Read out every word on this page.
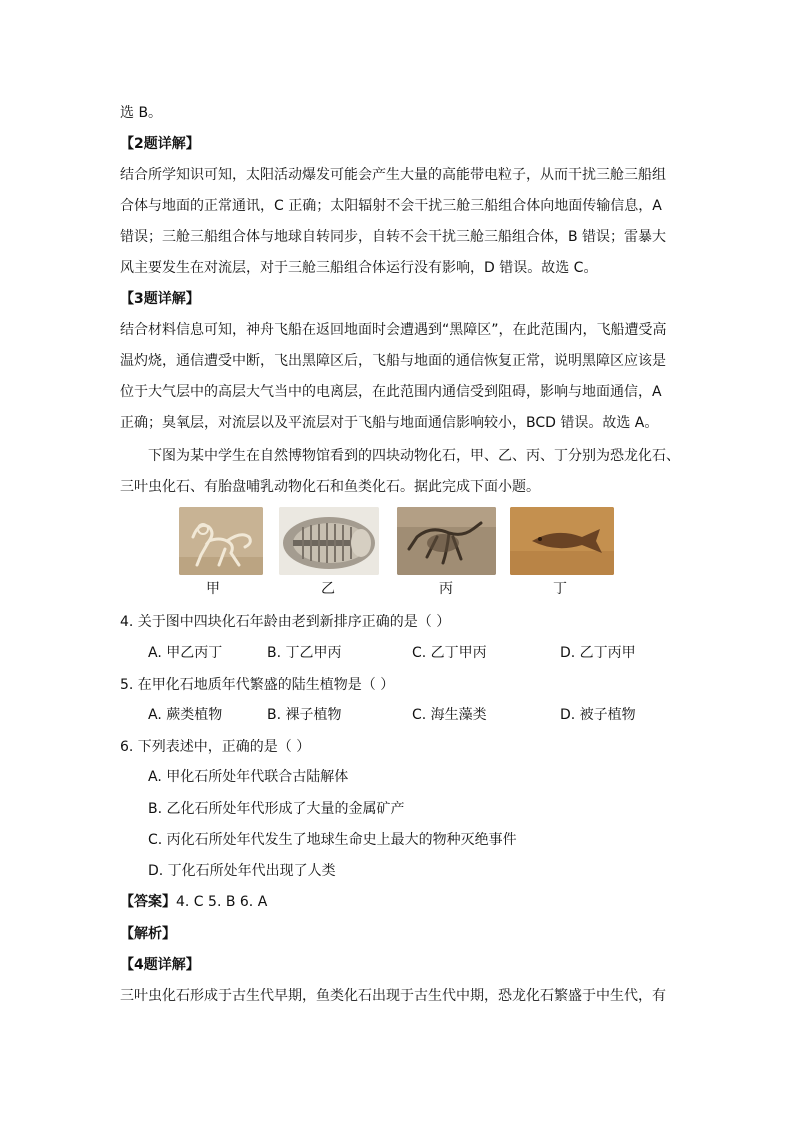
选 B。
【2题详解】
结合所学知识可知，太阳活动爆发可能会产生大量的高能带电粒子，从而干扰三舱三船组
合体与地面的正常通讯，C 正确；太阳辐射不会干扰三舱三船组合体向地面传输信息，A
错误；三舱三船组合体与地球自转同步，自转不会干扰三舱三船组合体，B 错误；雷暴大
风主要发生在对流层，对于三舱三船组合体运行没有影响，D 错误。故选 C。
【3题详解】
结合材料信息可知，神舟飞船在返回地面时会遭遇到“黑障区”，在此范围内，飞船遭受高
温灼烧，通信遭受中断，飞出黑障区后，飞船与地面的通信恢复正常，说明黑障区应该是
位于大气层中的高层大气当中的电离层，在此范围内通信受到阻碍，影响与地面通信，A
正确；臭氧层，对流层以及平流层对于飞船与地面通信影响较小，BCD 错误。故选 A。
下图为某中学生在自然博物馆看到的四块动物化石，甲、乙、丙、丁分别为恐龙化石、
三叶虫化石、有胎盘哺乳动物化石和鱼类化石。据此完成下面小题。
甲	乙	丙	丁
4. 关于图中四块化石年龄由老到新排序正确的是（ ）
A. 甲乙丙丁	B. 丁乙甲丙	C. 乙丁甲丙	D. 乙丁丙甲
5. 在甲化石地质年代繁盛的陆生植物是（ ）
A. 蕨类植物	B. 裸子植物	C. 海生藻类	D. 被子植物
6. 下列表述中，正确的是（ ）
A. 甲化石所处年代联合古陆解体
B. 乙化石所处年代形成了大量的金属矿产
C. 丙化石所处年代发生了地球生命史上最大的物种灭绝事件
D. 丁化石所处年代出现了人类
【答案】4. C 5. B 6. A
【解析】
【4题详解】
三叶虫化石形成于古生代早期，鱼类化石出现于古生代中期，恐龙化石繁盛于中生代，有
